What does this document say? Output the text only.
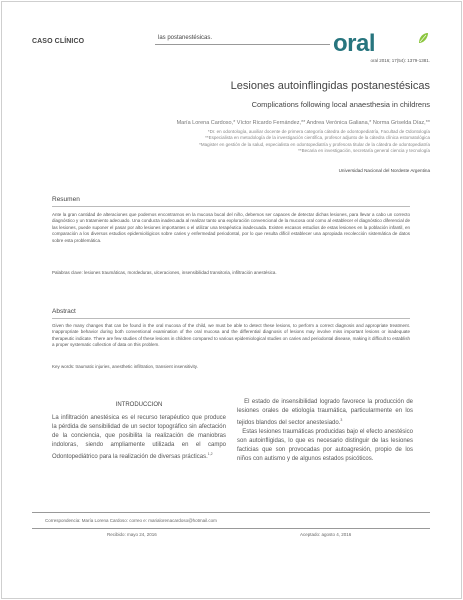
CASO CLÍNICO	las postanestésicas.	oral
oral 2016; 17(54): 1379-1381.
Lesiones autoinflingidas postanestésicas
Complications following local anaesthesia in childrens
María Lorena Cardoso,* Víctor Ricardo Fernández,** Andrea Verónica Galiana,* Norma Griselda Díaz,**
*Dr. en odontología, auxiliar docente de primera categoría cátedra de odontopediatría, Facultad de Odontología
**Especialista en metodología de la investigación científica, profesor adjunto de la cátedra clínica estomatológica
*Magister en gestión de la salud, especialista en odontopediatría y profesora titular de la cátedra de odontopediatría
**Becaria en investigación, secretaría general ciencia y tecnología
Universidad Nacional del Nordeste Argentina
Resumen
Ante la gran cantidad de alteraciones que podemos encontrarnos en la mucosa bucal del niño, debemos ser capaces de detectar dichas lesiones, para llevar a cabo un correcto diagnóstico y un tratamiento adecuado. Una conducta inadecuada al realizar tanto una exploración convencional de la mucosa oral como al establecer el diagnóstico diferencial de las lesiones, puede suponer el pasar por alto lesiones importantes o el utilizar una terapéutica inadecuada. Existen escasos estudios de estas lesiones en la población infantil, en comparación a los diversos estudios epidemiológicos sobre caries y enfermedad periodontal, por lo que resulta difícil establecer una apropiada recolección sistemática de datos sobre esta problemática.
Palabras clave: lesiones traumáticas, mordeduras, ulceraciones, insensibilidad transitoria, infiltración anestésica.
Abstract
Given the many changes that can be found in the oral mucosa of the child, we must be able to detect these lesions, to perform a correct diagnosis and appropriate treatment. Inappropriate behavior during both conventional examination of the oral mucosa and the differential diagnosis of lesions may involve miss important lesions or inadequate therapeutic indicate. There are few studies of these lesions in children compared to various epidemiological studies on caries and periodontal disease, making it difficult to establish a proper systematic collection of data on this problem.
Key words: traumatic injuries, anesthetic infiltration, transient insensitivity.
INTRODUCCION
La infiltración anestésica es el recurso terapéutico que produce la pérdida de sensibilidad de un sector topográfico sin afectación de la conciencia, que posibilita la realización de maniobras indoloras, siendo ampliamente utilizada en el campo Odontopediátrico para la realización de diversas prácticas.$^{1,2}$
El estado de insensibilidad logrado favorece la producción de lesiones orales de etiología traumática, particularmente en los tejidos blandos del sector anestesiado.$^3$
Estas lesiones traumáticas producidas bajo el efecto anestésico son autoinfligidas, lo que es necesario distinguir de las lesiones facticias que son provocadas por autoagresión, propio de los niños con autismo y de algunos estados psicóticos.
Correspondencia: María Lorena Cardoso: correo e: marialorenacardoso@hotmail.com
Recibido: mayo 24, 2016	Aceptado: agosto 4, 2016
